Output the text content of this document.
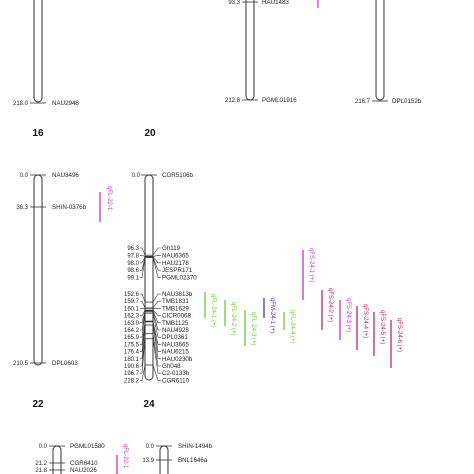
218.0	NAU2948
16
93.3	HAU1483
212.8	PGML01916
20
216.7	DPL0152b
0.0	NAU3496
36.3	SHIN-0376b
210.5	DPL0603
qFL-22-1
22
0.0	CGR5106b
96.3	Gh119
97.8	NAU6365
98.0	HAU2178
98.6	JESPR171
99.1	PGML02370
152.6	NAU3813b
159.7	TMB1831
160.1	TMB1629
162.3	CICR0068
163.0	TMB1125
164.2	NAU4928
165.9	DPL0361
175.5	NAU3665
176.4	NAU6215
180.1	HAU0230b
190.6	Gh048
196.7	C2-0133b
228.2	CGR6110
24
qFL-24-1 (+) qFL-24-2 (+) qFL-24-3 (+) qFM-24-1 (+) qFL-24-4 (+)
qFS-24-1 (+)
qFS-24-2 (+) qFS-24-3 (+) qFS-24-4 (+) qFS-24-5 (+) qFS-24-6 (+)
0.0	PGML01580
21.2	CGR6410
21.8	NAU2026
qFL-22-1	0.0	SHIN-1494b
13.9	BNL1646a
